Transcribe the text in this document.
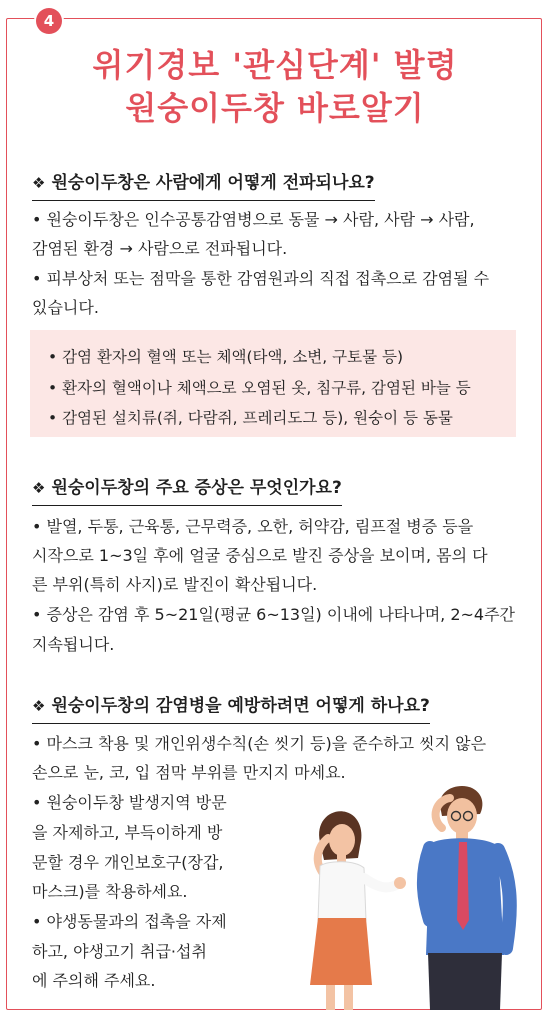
4
위기경보 '관심단계' 발령
원숭이두창 바로알기
❖ 원숭이두창은 사람에게 어떻게 전파되나요?
• 원숭이두창은 인수공통감염병으로 동물 → 사람, 사람 → 사람,
감염된 환경 → 사람으로 전파됩니다.
• 피부상처 또는 점막을 통한 감염원과의 직접 접촉으로 감염될 수
있습니다.
• 감염 환자의 혈액 또는 체액(타액, 소변, 구토물 등)
• 환자의 혈액이나 체액으로 오염된 옷, 침구류, 감염된 바늘 등
• 감염된 설치류(쥐, 다람쥐, 프레리도그 등), 원숭이 등 동물
❖ 원숭이두창의 주요 증상은 무엇인가요?
• 발열, 두통, 근육통, 근무력증, 오한, 허약감, 림프절 병증 등을
시작으로 1~3일 후에 얼굴 중심으로 발진 증상을 보이며, 몸의 다
른 부위(특히 사지)로 발진이 확산됩니다.
• 증상은 감염 후 5~21일(평균 6~13일) 이내에 나타나며, 2~4주간
지속됩니다.
❖ 원숭이두창의 감염병을 예방하려면 어떻게 하나요?
• 마스크 착용 및 개인위생수칙(손 씻기 등)을 준수하고 씻지 않은
손으로 눈, 코, 입 점막 부위를 만지지 마세요.
• 원숭이두창 발생지역 방문
을 자제하고, 부득이하게 방
문할 경우 개인보호구(장갑,
마스크)를 착용하세요.
• 야생동물과의 접촉을 자제
하고, 야생고기 취급·섭취
에 주의해 주세요.
